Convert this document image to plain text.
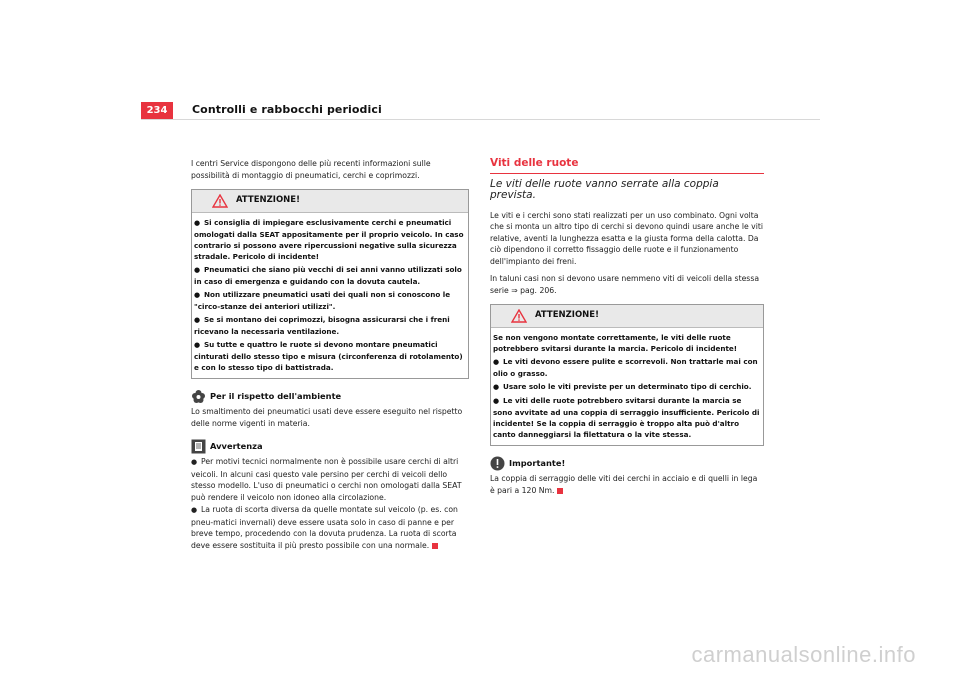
234	Controlli e rabbocchi periodici

I centri Service dispongono delle più recenti informazioni sulle possibilità di montaggio di pneumatici, cerchi e coprimozzi.

ATTENZIONE!
● Si consiglia di impiegare esclusivamente cerchi e pneumatici omologati dalla SEAT appositamente per il proprio veicolo. In caso contrario si possono avere ripercussioni negative sulla sicurezza stradale. Pericolo di incidente!
● Pneumatici che siano più vecchi di sei anni vanno utilizzati solo in caso di emergenza e guidando con la dovuta cautela.
● Non utilizzare pneumatici usati dei quali non si conoscono le "circo-stanze dei anteriori utilizzi".
● Se si montano dei coprimozzi, bisogna assicurarsi che i freni ricevano la necessaria ventilazione.
● Su tutte e quattro le ruote si devono montare pneumatici cinturati dello stesso tipo e misura (circonferenza di rotolamento) e con lo stesso tipo di battistrada.
Per il rispetto dell'ambiente

Lo smaltimento dei pneumatici usati deve essere eseguito nel rispetto delle norme vigenti in materia.

Avvertenza
● Per motivi tecnici normalmente non è possibile usare cerchi di altri veicoli. In alcuni casi questo vale persino per cerchi di veicoli dello stesso modello. L'uso di pneumatici o cerchi non omologati dalla SEAT può rendere il veicolo non idoneo alla circolazione.
● La ruota di scorta diversa da quelle montate sul veicolo (p. es. con pneu-matici invernali) deve essere usata solo in caso di panne e per breve tempo, procedendo con la dovuta prudenza. La ruota di scorta deve essere sostituita il più presto possibile con una normale.
Viti delle ruote
Le viti delle ruote vanno serrate alla coppia prevista.

Le viti e i cerchi sono stati realizzati per un uso combinato. Ogni volta che si monta un altro tipo di cerchi si devono quindi usare anche le viti relative, aventi la lunghezza esatta e la giusta forma della calotta. Da ciò dipendono il corretto fissaggio delle ruote e il funzionamento dell'impianto dei freni.

In taluni casi non si devono usare nemmeno viti di veicoli della stessa serie ⇒ pag. 206.

ATTENZIONE!
Se non vengono montate correttamente, le viti delle ruote potrebbero svitarsi durante la marcia. Pericolo di incidente!
● Le viti devono essere pulite e scorrevoli. Non trattarle mai con olio o grasso.
● Usare solo le viti previste per un determinato tipo di cerchio.
● Le viti delle ruote potrebbero svitarsi durante la marcia se sono avvitate ad una coppia di serraggio insufficiente. Pericolo di incidente! Se la coppia di serraggio è troppo alta può d'altro canto danneggiarsi la filettatura o la vite stessa.
Importante!

La coppia di serraggio delle viti dei cerchi in acciaio e di quelli in lega è pari a 120 Nm.

carmanualsonline.info
